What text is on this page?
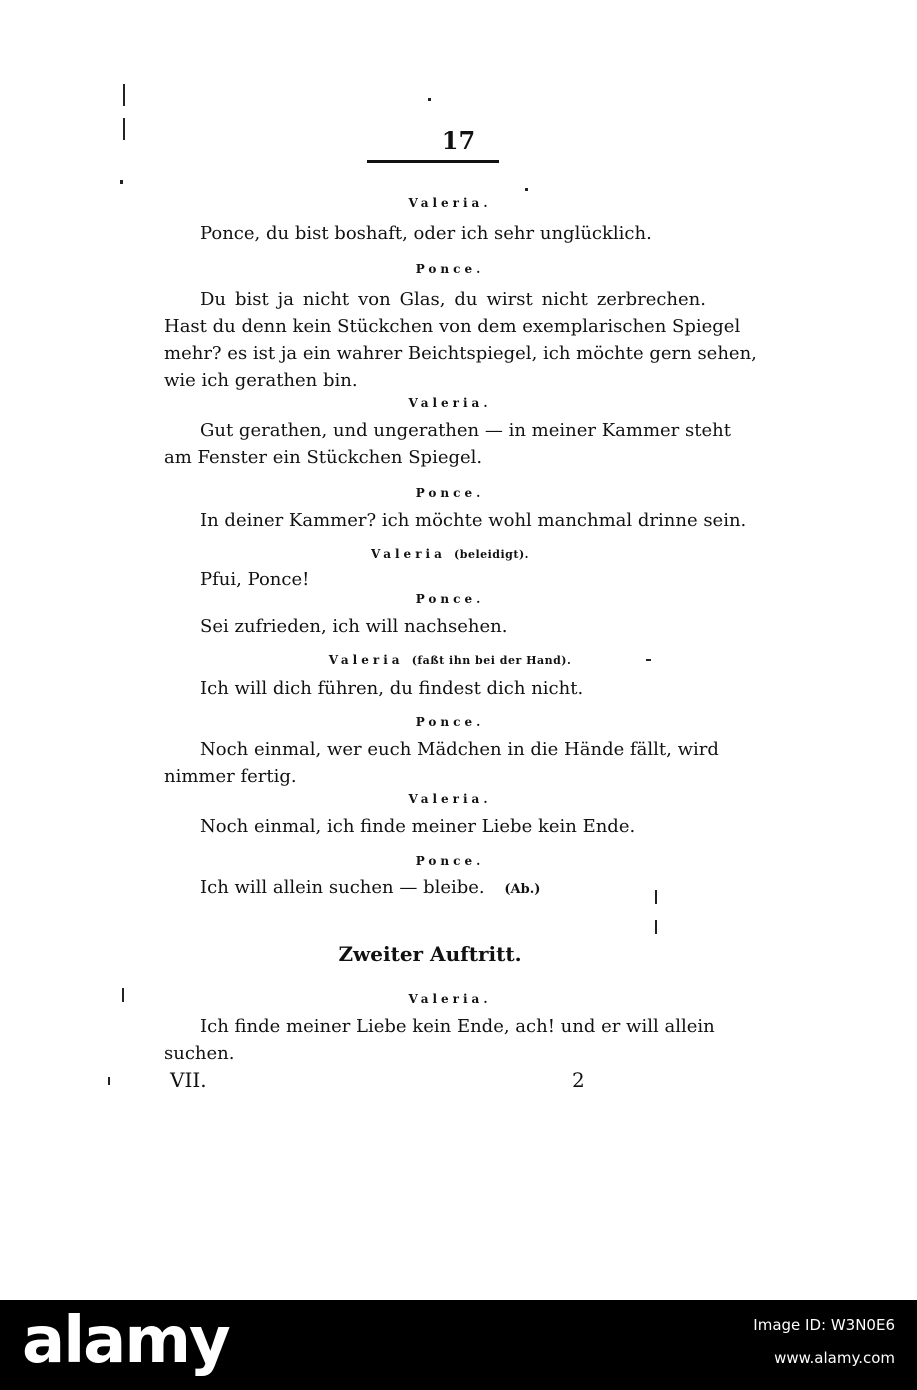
17
Valeria.
Ponce, du bist boshaft, oder ich sehr unglücklich.
Ponce.
Du bist ja nicht von Glas, du wirst nicht zerbrechen.
Hast du denn kein Stückchen von dem exemplarischen Spiegel
mehr? es ist ja ein wahrer Beichtspiegel, ich möchte gern sehen,
wie ich gerathen bin.
Valeria.
Gut gerathen, und ungerathen — in meiner Kammer steht
am Fenster ein Stückchen Spiegel.
Ponce.
In deiner Kammer? ich möchte wohl manchmal drinne sein.
Valeria (beleidigt).
Pfui, Ponce!
Ponce.
Sei zufrieden, ich will nachsehen.
Valeria (faßt ihn bei der Hand).
Ich will dich führen, du findest dich nicht.
Ponce.
Noch einmal, wer euch Mädchen in die Hände fällt, wird
nimmer fertig.
Valeria.
Noch einmal, ich finde meiner Liebe kein Ende.
Ponce.
Ich will allein suchen — bleibe. (Ab.)
Zweiter Auftritt.
Valeria.
Ich finde meiner Liebe kein Ende, ach! und er will allein
suchen.
VII.	2
alamy	Image ID: W3N0E6
www.alamy.com
